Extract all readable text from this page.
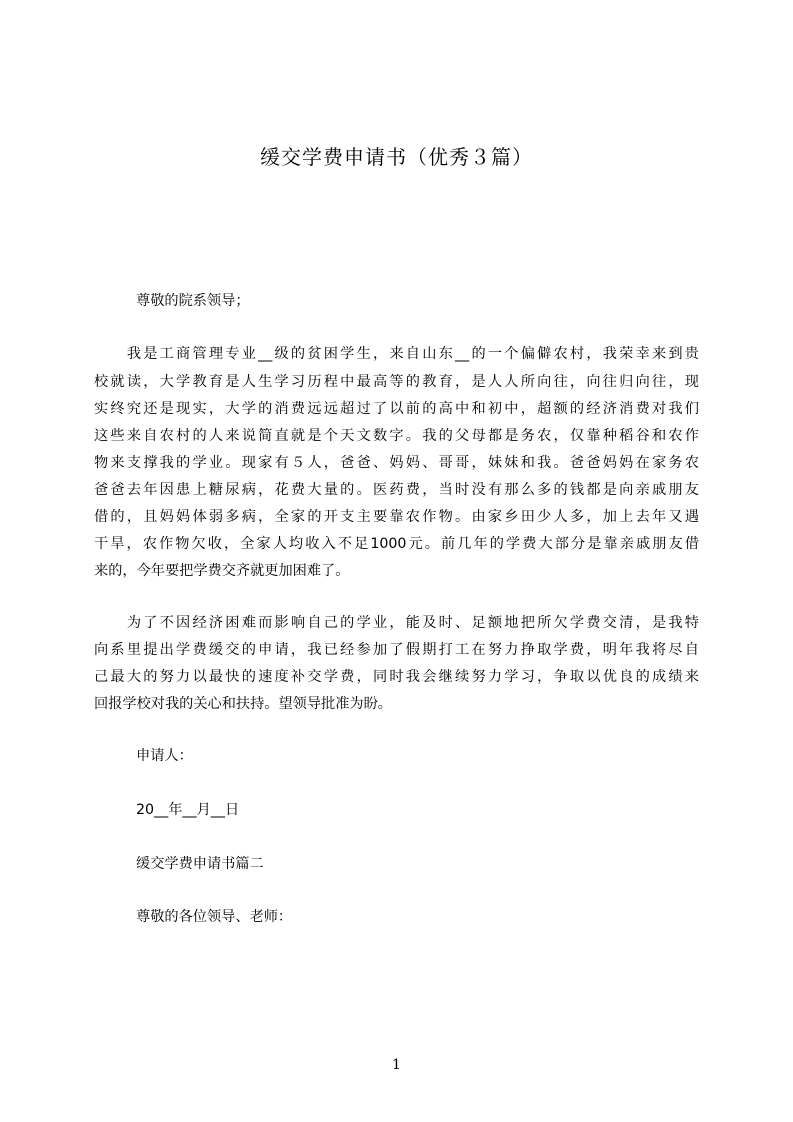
缓交学费申请书（优秀３篇）
尊敬的院系领导；
　　我是工商管理专业__级的贫困学生，来自山东__的一个偏僻农村，我荣幸来到贵
校就读，大学教育是人生学习历程中最高等的教育，是人人所向往，向往归向往，现
实终究还是现实，大学的消费远远超过了以前的高中和初中，超额的经济消费对我们
这些来自农村的人来说简直就是个天文数字。我的父母都是务农，仅靠种稻谷和农作
物来支撑我的学业。现家有５人，爸爸、妈妈、哥哥，妹妹和我。爸爸妈妈在家务农
爸爸去年因患上糖尿病，花费大量的。医药费，当时没有那么多的钱都是向亲戚朋友
借的，且妈妈体弱多病，全家的开支主要靠农作物。由家乡田少人多，加上去年又遇
干旱，农作物欠收，全家人均收入不足1000元。前几年的学费大部分是靠亲戚朋友借
来的，今年要把学费交齐就更加困难了。
　　为了不因经济困难而影响自己的学业，能及时、足额地把所欠学费交清，是我特
向系里提出学费缓交的申请，我已经参加了假期打工在努力挣取学费，明年我将尽自
己最大的努力以最快的速度补交学费，同时我会继续努力学习，争取以优良的成绩来
回报学校对我的关心和扶持。望领导批准为盼。
申请人：
20__年__月__日
缓交学费申请书篇二
尊敬的各位领导、老师：
1
